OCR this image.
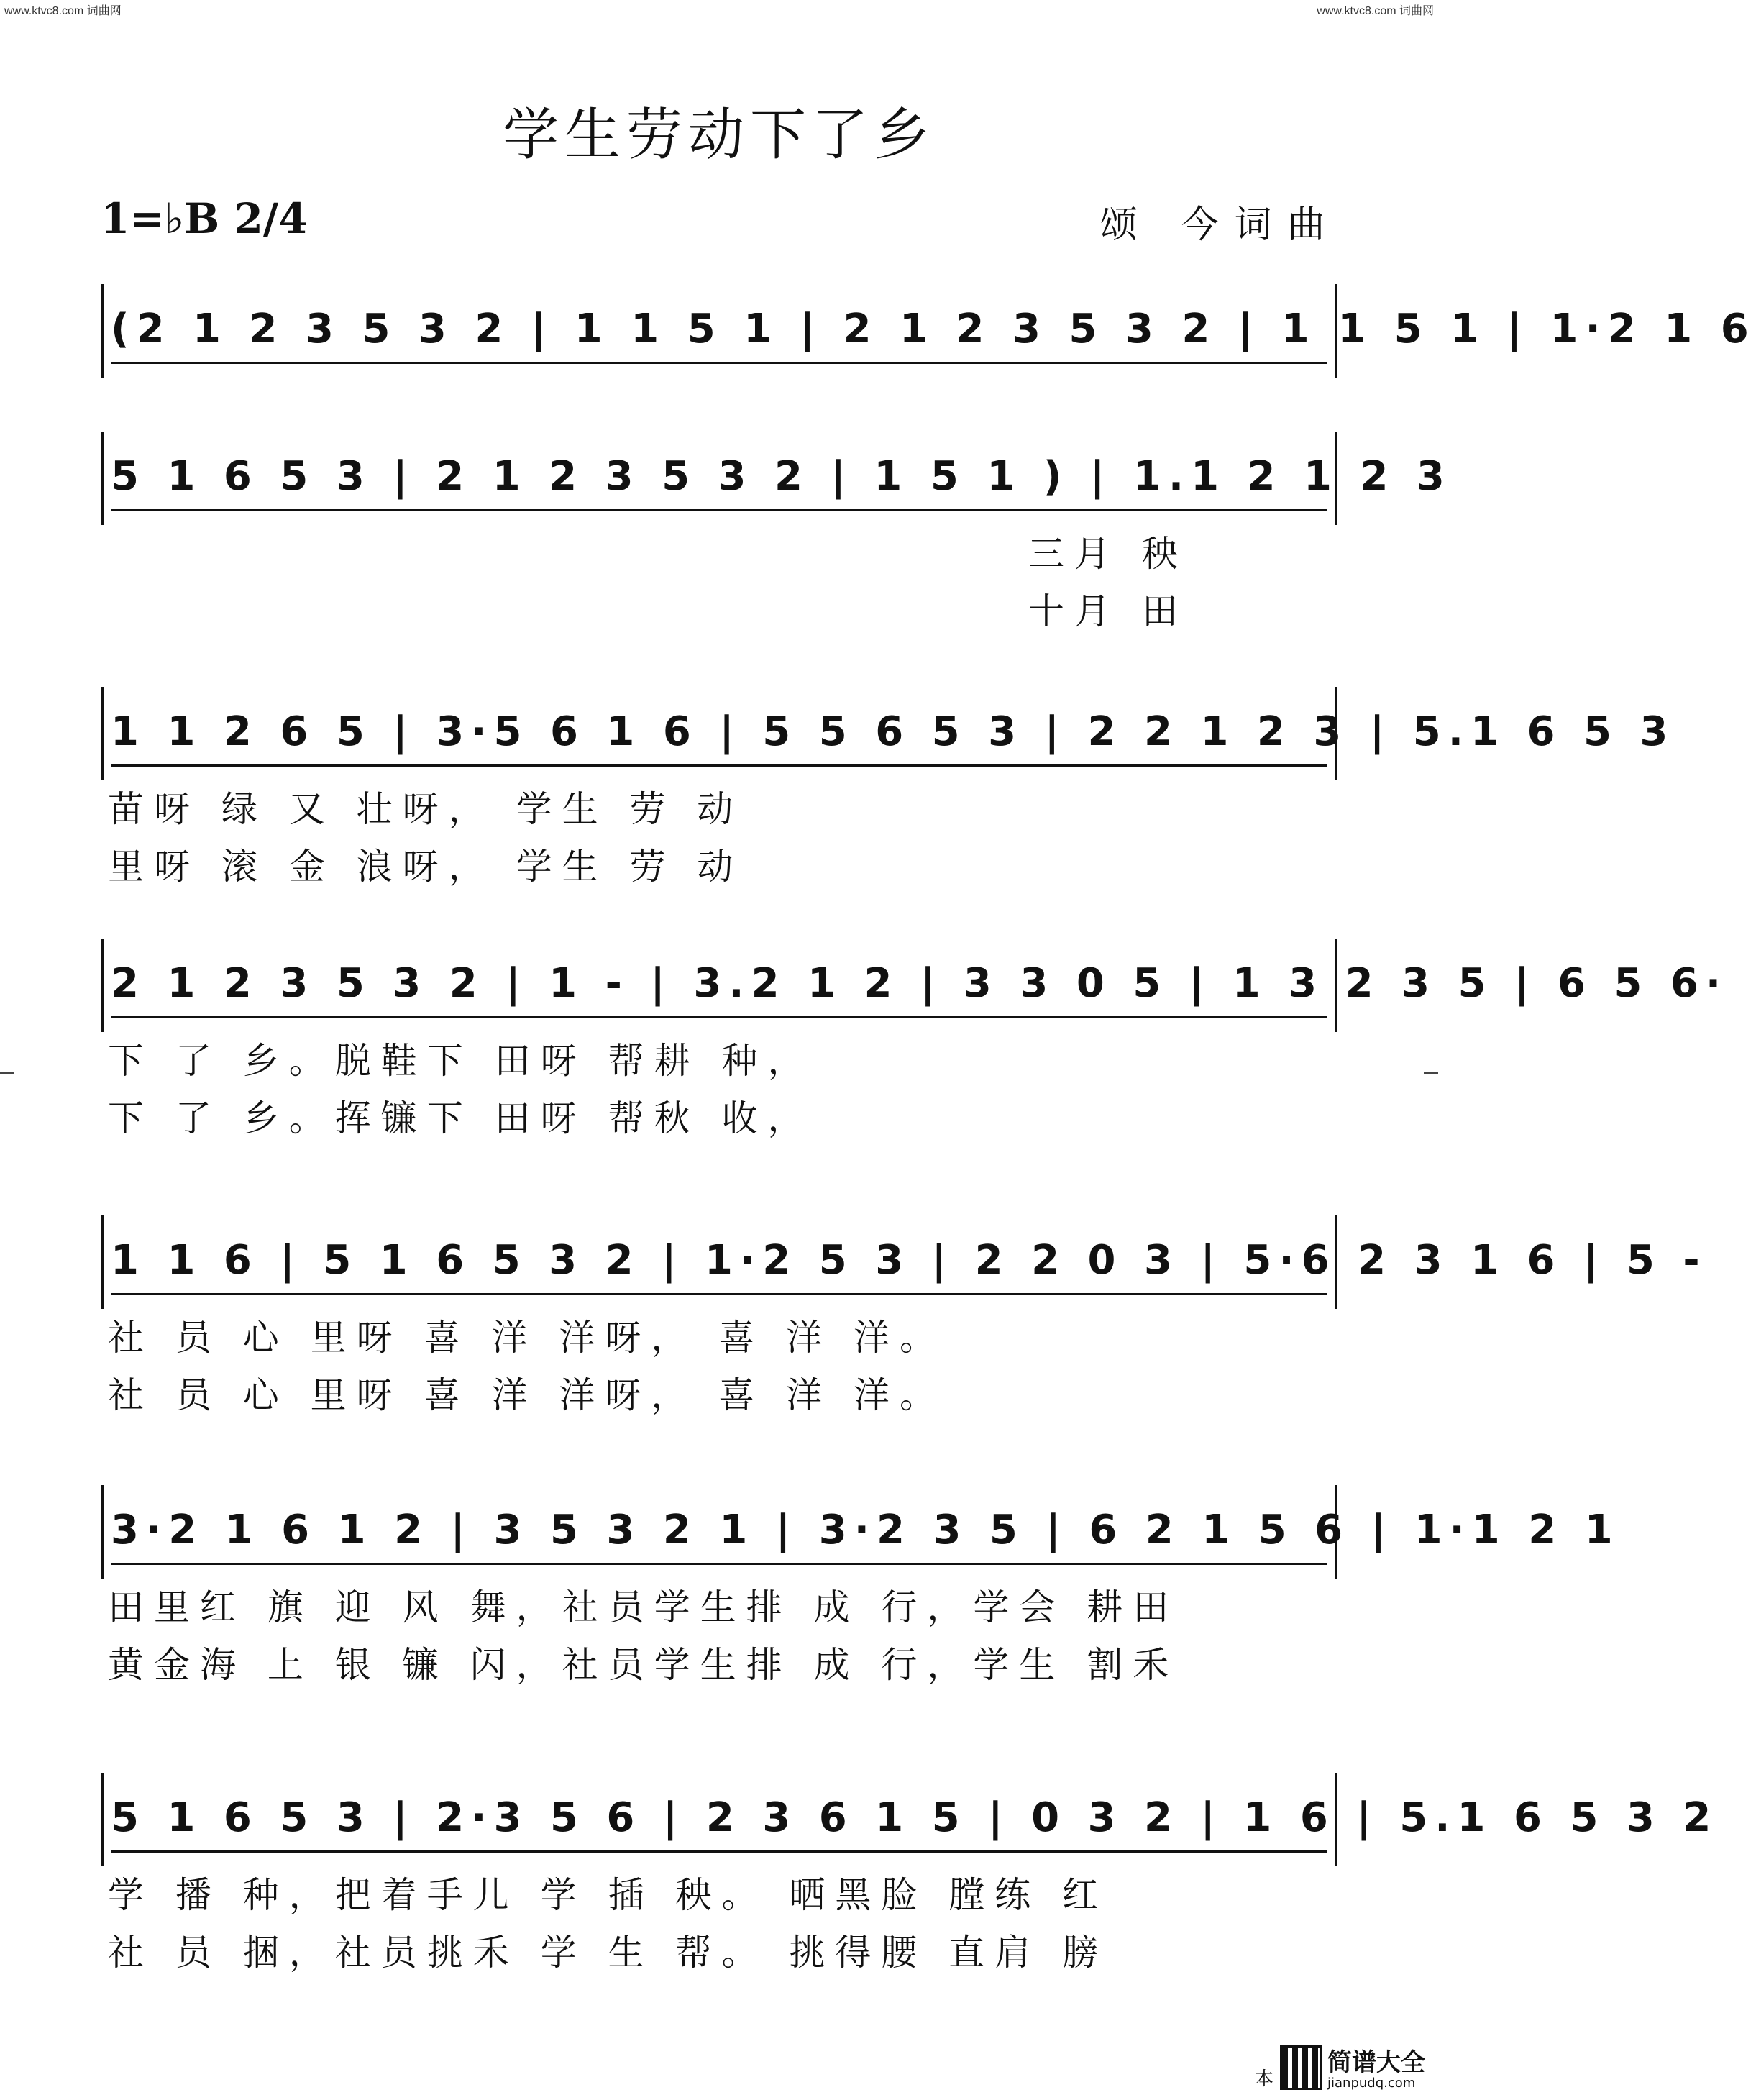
www.ktvc8.com 词曲网	www.ktvc8.com 词曲网
学生劳动下了乡
1=♭B 2/4	颂 今词曲
(2 1 2 3 5 3 2 | 1 1 5 1 | 2 1 2 3 5 3 2 | 1 1 5 1 | 1·2 1 6
5 1 6 5 3 | 2 1 2 3 5 3 2 | 1 5 1 ) | 1.1 2 1 2 3
三月 秧
十月 田
1 1 2 6 5 | 3·5 6 1 6 | 5 5 6 5 3 | 2 2 1 2 3 | 5.1 6 5 3
苗呀 绿 又 壮呀， 学生 劳 动
里呀 滚 金 浪呀， 学生 劳 动
2 1 2 3 5 3 2 | 1 - | 3.2 1 2 | 3 3 0 5 | 1 3 2 3 5 | 6 5 6·
下 了 乡。脱鞋下 田呀 帮耕 种，
下 了 乡。挥镰下 田呀 帮秋 收，
1 1 6 | 5 1 6 5 3 2 | 1·2 5 3 | 2 2 0 3 | 5·6 2 3 1 6 | 5 -
社 员 心 里呀 喜 洋 洋呀， 喜 洋 洋。
社 员 心 里呀 喜 洋 洋呀， 喜 洋 洋。
3·2 1 6 1 2 | 3 5 3 2 1 | 3·2 3 5 | 6 2 1 5 6 | 1·1 2 1
田里红 旗 迎 风 舞，社员学生排 成 行，学会 耕田
黄金海 上 银 镰 闪，社员学生排 成 行，学生 割禾
5 1 6 5 3 | 2·3 5 6 | 2 3 6 1 5 | 0 3 2 | 1 6 | 5.1 6 5 3 2
学 播 种，把着手儿 学 插 秧。 晒黑脸 膛练 红
社 员 捆，社员挑禾 学 生 帮。 挑得腰 直肩 膀
本
简谱大全
jianpudq.com
